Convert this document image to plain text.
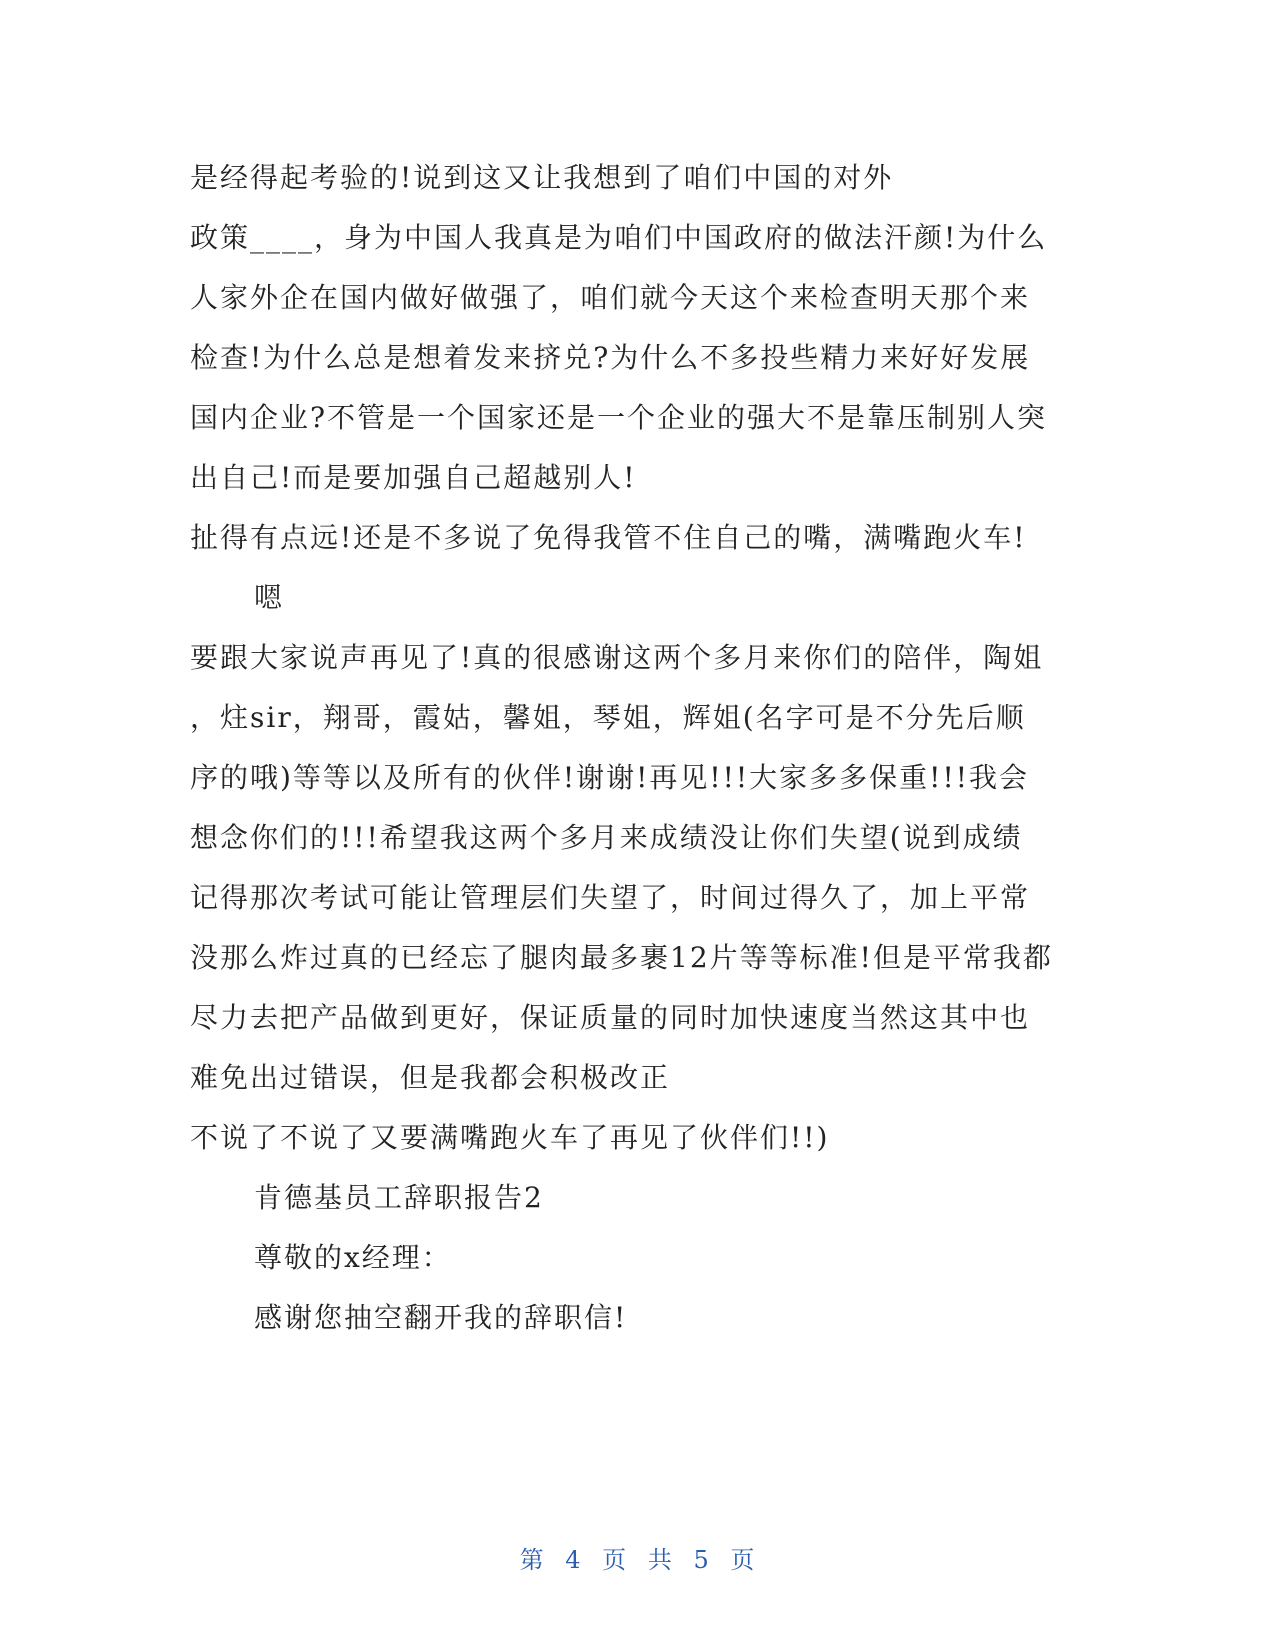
是经得起考验的!说到这又让我想到了咱们中国的对外
政策____，身为中国人我真是为咱们中国政府的做法汗颜!为什么
人家外企在国内做好做强了，咱们就今天这个来检查明天那个来
检查!为什么总是想着发来挤兑?为什么不多投些精力来好好发展
国内企业?不管是一个国家还是一个企业的强大不是靠压制别人突
出自己!而是要加强自己超越别人!
扯得有点远!还是不多说了免得我管不住自己的嘴，满嘴跑火车!
嗯
要跟大家说声再见了!真的很感谢这两个多月来你们的陪伴，陶姐
，炷sir，翔哥，霞姑，馨姐，琴姐，辉姐(名字可是不分先后顺
序的哦)等等以及所有的伙伴!谢谢!再见!!!大家多多保重!!!我会
想念你们的!!!希望我这两个多月来成绩没让你们失望(说到成绩
记得那次考试可能让管理层们失望了，时间过得久了，加上平常
没那么炸过真的已经忘了腿肉最多裹12片等等标准!但是平常我都
尽力去把产品做到更好，保证质量的同时加快速度当然这其中也
难免出过错误，但是我都会积极改正
不说了不说了又要满嘴跑火车了再见了伙伴们!!)
肯德基员工辞职报告2
尊敬的x经理：
感谢您抽空翻开我的辞职信!
第 4 页 共 5 页
